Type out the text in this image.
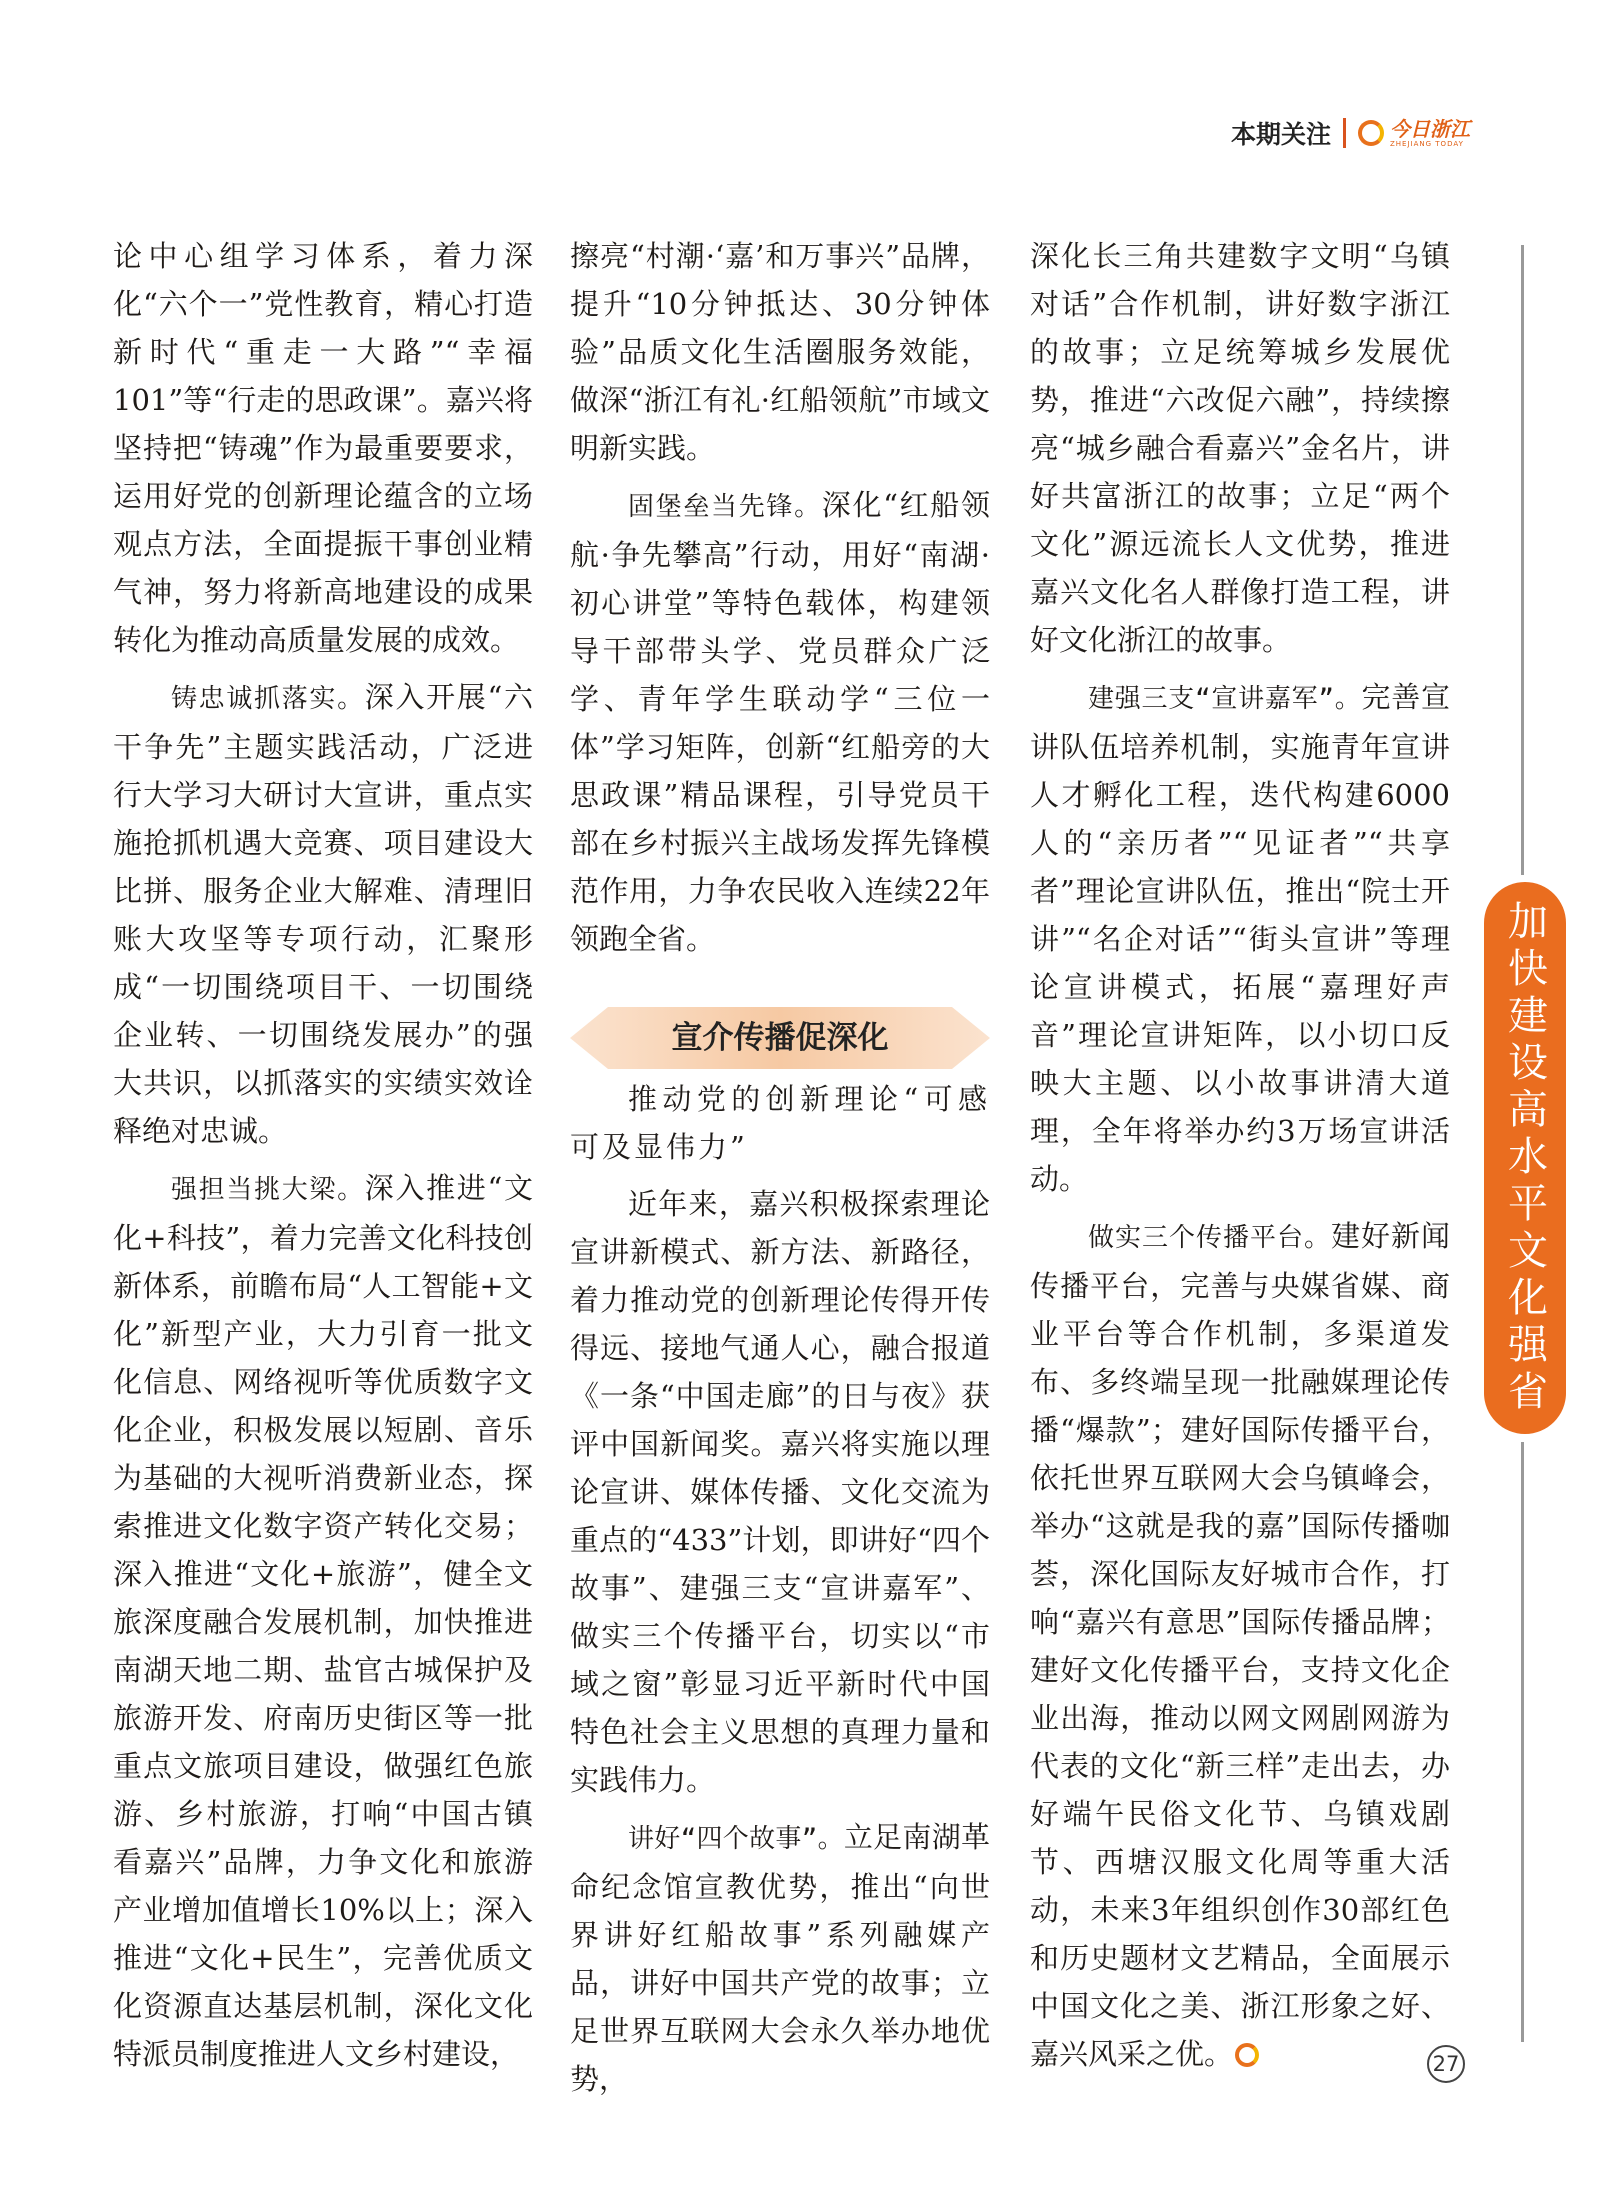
本期关注	今日浙江
ZHEJIANG TODAY

论中心组学习体系，着力深化“六个一”党性教育，精心打造新时代“重走一大路”“幸福101”等“行走的思政课”。嘉兴将坚持把“铸魂”作为最重要要求，运用好党的创新理论蕴含的立场观点方法，全面提振干事创业精气神，努力将新高地建设的成果转化为推动高质量发展的成效。

铸忠诚抓落实。深入开展“六干争先”主题实践活动，广泛进行大学习大研讨大宣讲，重点实施抢抓机遇大竞赛、项目建设大比拼、服务企业大解难、清理旧账大攻坚等专项行动，汇聚形成“一切围绕项目干、一切围绕企业转、一切围绕发展办”的强大共识，以抓落实的实绩实效诠释绝对忠诚。

强担当挑大梁。深入推进“文化+科技”，着力完善文化科技创新体系，前瞻布局“人工智能+文化”新型产业，大力引育一批文化信息、网络视听等优质数字文化企业，积极发展以短剧、音乐为基础的大视听消费新业态，探索推进文化数字资产转化交易；深入推进“文化+旅游”，健全文旅深度融合发展机制，加快推进南湖天地二期、盐官古城保护及旅游开发、府南历史街区等一批重点文旅项目建设，做强红色旅游、乡村旅游，打响“中国古镇看嘉兴”品牌，力争文化和旅游产业增加值增长10%以上；深入推进“文化+民生”，完善优质文化资源直达基层机制，深化文化特派员制度推进人文乡村建设，

擦亮“村潮·‘嘉’和万事兴”品牌，提升“10分钟抵达、30分钟体验”品质文化生活圈服务效能，做深“浙江有礼·红船领航”市域文明新实践。

固堡垒当先锋。深化“红船领航·争先攀高”行动，用好“南湖·初心讲堂”等特色载体，构建领导干部带头学、党员群众广泛学、青年学生联动学“三位一体”学习矩阵，创新“红船旁的大思政课”精品课程，引导党员干部在乡村振兴主战场发挥先锋模范作用，力争农民收入连续22年领跑全省。

宣介传播促深化

推动党的创新理论“可感可及显伟力”

近年来，嘉兴积极探索理论宣讲新模式、新方法、新路径，着力推动党的创新理论传得开传得远、接地气通人心，融合报道《一条“中国走廊”的日与夜》获评中国新闻奖。嘉兴将实施以理论宣讲、媒体传播、文化交流为重点的“433”计划，即讲好“四个故事”、建强三支“宣讲嘉军”、做实三个传播平台，切实以“市域之窗”彰显习近平新时代中国特色社会主义思想的真理力量和实践伟力。

讲好“四个故事”。立足南湖革命纪念馆宣教优势，推出“向世界讲好红船故事”系列融媒产品，讲好中国共产党的故事；立足世界互联网大会永久举办地优势，

深化长三角共建数字文明“乌镇对话”合作机制，讲好数字浙江的故事；立足统筹城乡发展优势，推进“六改促六融”，持续擦亮“城乡融合看嘉兴”金名片，讲好共富浙江的故事；立足“两个文化”源远流长人文优势，推进嘉兴文化名人群像打造工程，讲好文化浙江的故事。

建强三支“宣讲嘉军”。完善宣讲队伍培养机制，实施青年宣讲人才孵化工程，迭代构建6000人的“亲历者”“见证者”“共享者”理论宣讲队伍，推出“院士开讲”“名企对话”“街头宣讲”等理论宣讲模式，拓展“嘉理好声音”理论宣讲矩阵，以小切口反映大主题、以小故事讲清大道理，全年将举办约3万场宣讲活动。

做实三个传播平台。建好新闻传播平台，完善与央媒省媒、商业平台等合作机制，多渠道发布、多终端呈现一批融媒理论传播“爆款”；建好国际传播平台，依托世界互联网大会乌镇峰会，举办“这就是我的嘉”国际传播咖荟，深化国际友好城市合作，打响“嘉兴有意思”国际传播品牌；建好文化传播平台，支持文化企业出海，推动以网文网剧网游为代表的文化“新三样”走出去，办好端午民俗文化节、乌镇戏剧节、西塘汉服文化周等重大活动，未来3年组织创作30部红色和历史题材文艺精品，全面展示中国文化之美、浙江形象之好、嘉兴风采之优。

加快建设高水平文化强省
27
